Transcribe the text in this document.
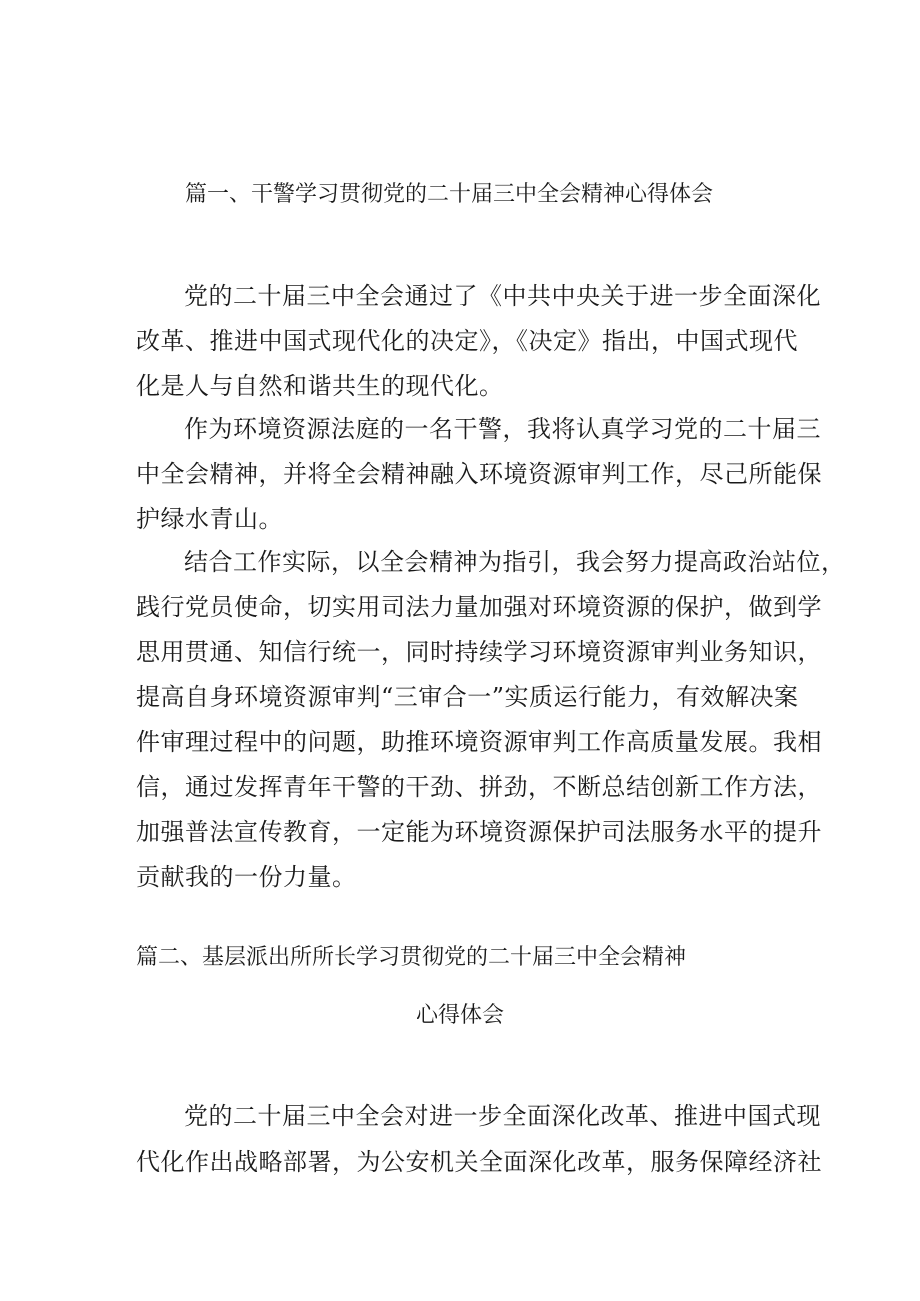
篇一、干警学习贯彻党的二十届三中全会精神心得体会
党的二十届三中全会通过了《中共中央关于进一步全面深化
改革、推进中国式现代化的决定》，《决定》指出，中国式现代
化是人与自然和谐共生的现代化。
作为环境资源法庭的一名干警，我将认真学习党的二十届三
中全会精神，并将全会精神融入环境资源审判工作，尽己所能保
护绿水青山。
结合工作实际，以全会精神为指引，我会努力提高政治站位，
践行党员使命，切实用司法力量加强对环境资源的保护，做到学
思用贯通、知信行统一，同时持续学习环境资源审判业务知识，
提高自身环境资源审判“三审合一”实质运行能力，有效解决案
件审理过程中的问题，助推环境资源审判工作高质量发展。我相
信，通过发挥青年干警的干劲、拼劲，不断总结创新工作方法，
加强普法宣传教育，一定能为环境资源保护司法服务水平的提升
贡献我的一份力量。
篇二、基层派出所所长学习贯彻党的二十届三中全会精神
心得体会
党的二十届三中全会对进一步全面深化改革、推进中国式现
代化作出战略部署，为公安机关全面深化改革，服务保障经济社
